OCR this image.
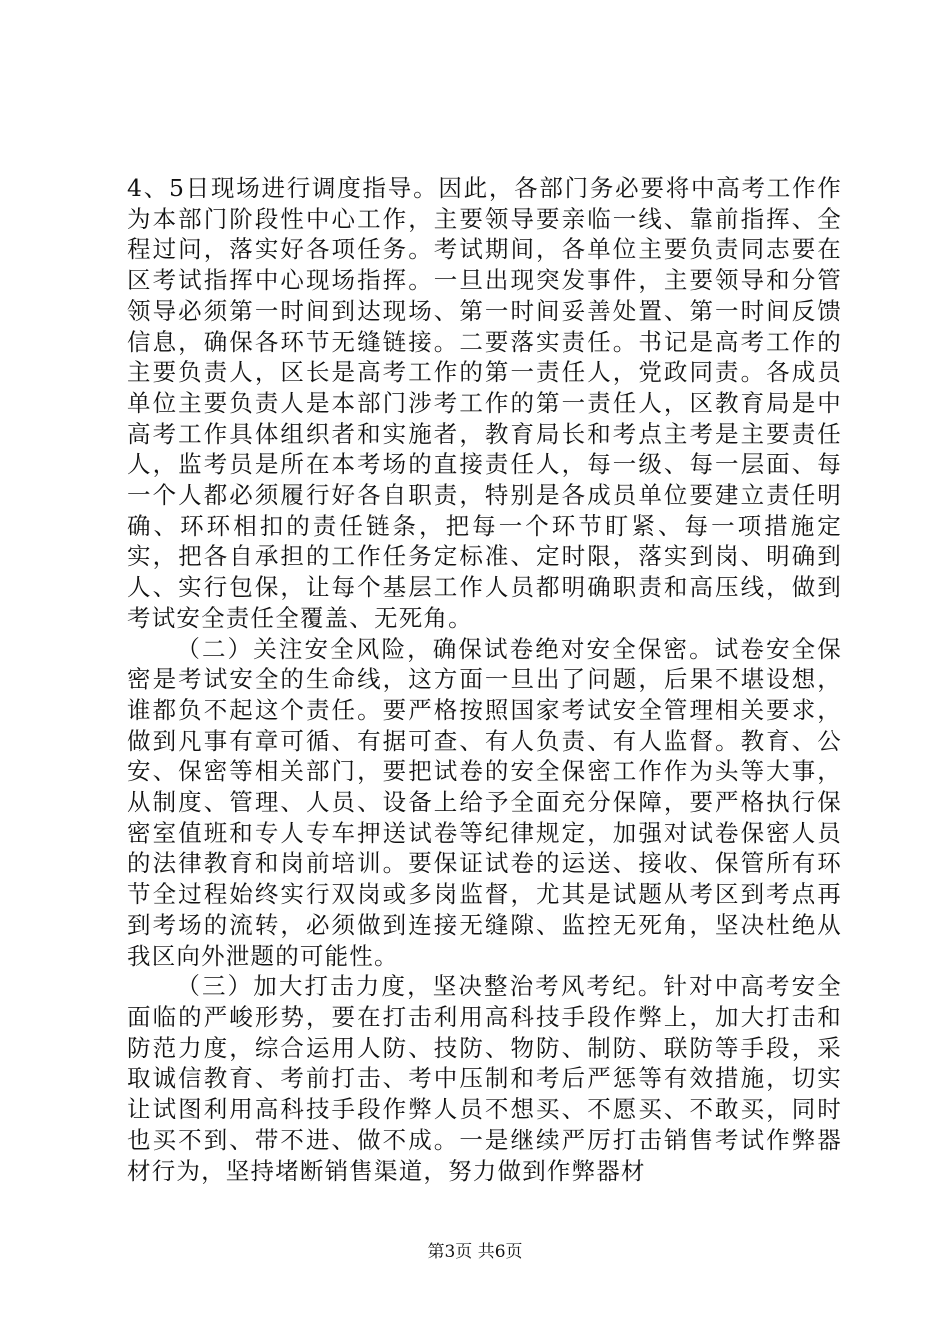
4、5日现场进行调度指导。因此，各部门务必要将中高考工作作为本部门阶段性中心工作，主要领导要亲临一线、靠前指挥、全程过问，落实好各项任务。考试期间，各单位主要负责同志要在区考试指挥中心现场指挥。一旦出现突发事件，主要领导和分管领导必须第一时间到达现场、第一时间妥善处置、第一时间反馈信息，确保各环节无缝链接。二要落实责任。书记是高考工作的主要负责人，区长是高考工作的第一责任人，党政同责。各成员单位主要负责人是本部门涉考工作的第一责任人，区教育局是中高考工作具体组织者和实施者，教育局长和考点主考是主要责任人，监考员是所在本考场的直接责任人，每一级、每一层面、每一个人都必须履行好各自职责，特别是各成员单位要建立责任明确、环环相扣的责任链条，把每一个环节盯紧、每一项措施定实，把各自承担的工作任务定标准、定时限，落实到岗、明确到人、实行包保，让每个基层工作人员都明确职责和高压线，做到考试安全责任全覆盖、无死角。

（二）关注安全风险，确保试卷绝对安全保密。试卷安全保密是考试安全的生命线，这方面一旦出了问题，后果不堪设想，谁都负不起这个责任。要严格按照国家考试安全管理相关要求，做到凡事有章可循、有据可查、有人负责、有人监督。教育、公安、保密等相关部门，要把试卷的安全保密工作作为头等大事，从制度、管理、人员、设备上给予全面充分保障，要严格执行保密室值班和专人专车押送试卷等纪律规定，加强对试卷保密人员的法律教育和岗前培训。要保证试卷的运送、接收、保管所有环节全过程始终实行双岗或多岗监督，尤其是试题从考区到考点再到考场的流转，必须做到连接无缝隙、监控无死角，坚决杜绝从我区向外泄题的可能性。

（三）加大打击力度，坚决整治考风考纪。针对中高考安全面临的严峻形势，要在打击利用高科技手段作弊上，加大打击和防范力度，综合运用人防、技防、物防、制防、联防等手段，采取诚信教育、考前打击、考中压制和考后严惩等有效措施，切实让试图利用高科技手段作弊人员不想买、不愿买、不敢买，同时也买不到、带不进、做不成。一是继续严厉打击销售考试作弊器材行为，坚持堵断销售渠道，努力做到作弊器材

第3页 共6页
